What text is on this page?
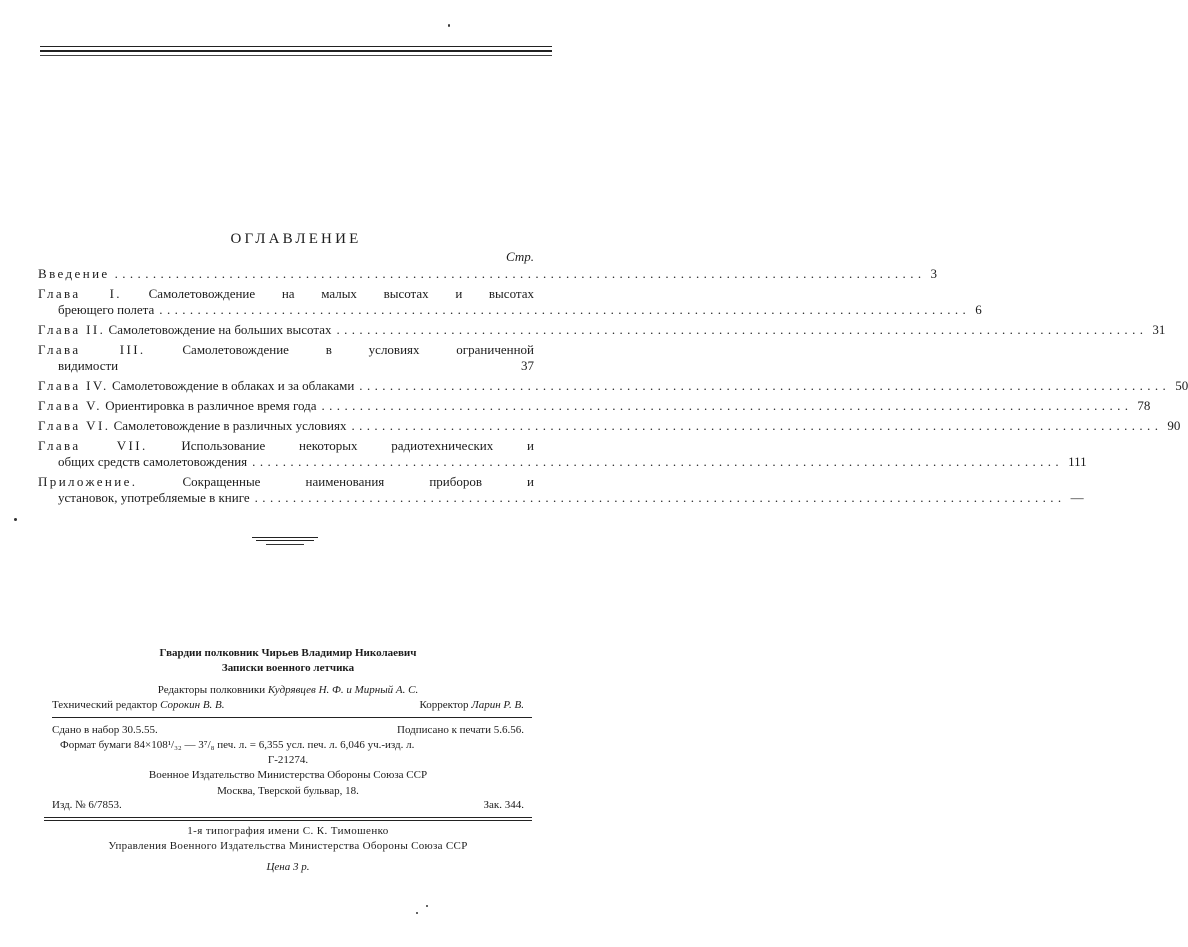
ОГЛАВЛЕНИЕ
Стр.
Введение .......................................................................................................... 3
Глава I. Самолетовождение на малых высотах и высотах
бреющего полета .......................................................................................................... 6
Глава II. Самолетовождение на больших высотах .......................................................................................................... 31
Глава III.	Самолетовождение в условиях ограниченной
видимости	37
Глава IV. Самолетовождение в облаках и за облаками .......................................................................................................... 50
Глава V. Ориентировка в различное время года .......................................................................................................... 78
Глава VI. Самолетовождение в различных условиях .......................................................................................................... 90
Глава VII.	Использование некоторых радиотехнических и
общих средств самолетовождения .......................................................................................................... 111
Приложение.	Сокращенные наименования приборов и
установок, употребляемые в книге .......................................................................................................... —
Гвардии полковник Чирьев Владимир Николаевич
Записки военного летчика
Редакторы полковники Кудрявцев Н. Ф. и Мирный А. С.
Технический редактор Сорокин В. В.	Корректор Ларин Р. В.
Сдано в набор 30.5.55.	Подписано к печати 5.6.56.
Формат бумаги 84×108¹/₃₂ — 3⁷/₈ печ. л. = 6,355 усл. печ. л. 6,046 уч.-изд. л.
Г-21274.
Военное Издательство Министерства Обороны Союза ССР
Москва, Тверской бульвар, 18.
Изд. № 6/7853.	Зак. 344.
1-я типография имени С. К. Тимошенко
Управления Военного Издательства Министерства Обороны Союза ССР
Цена 3 р.
